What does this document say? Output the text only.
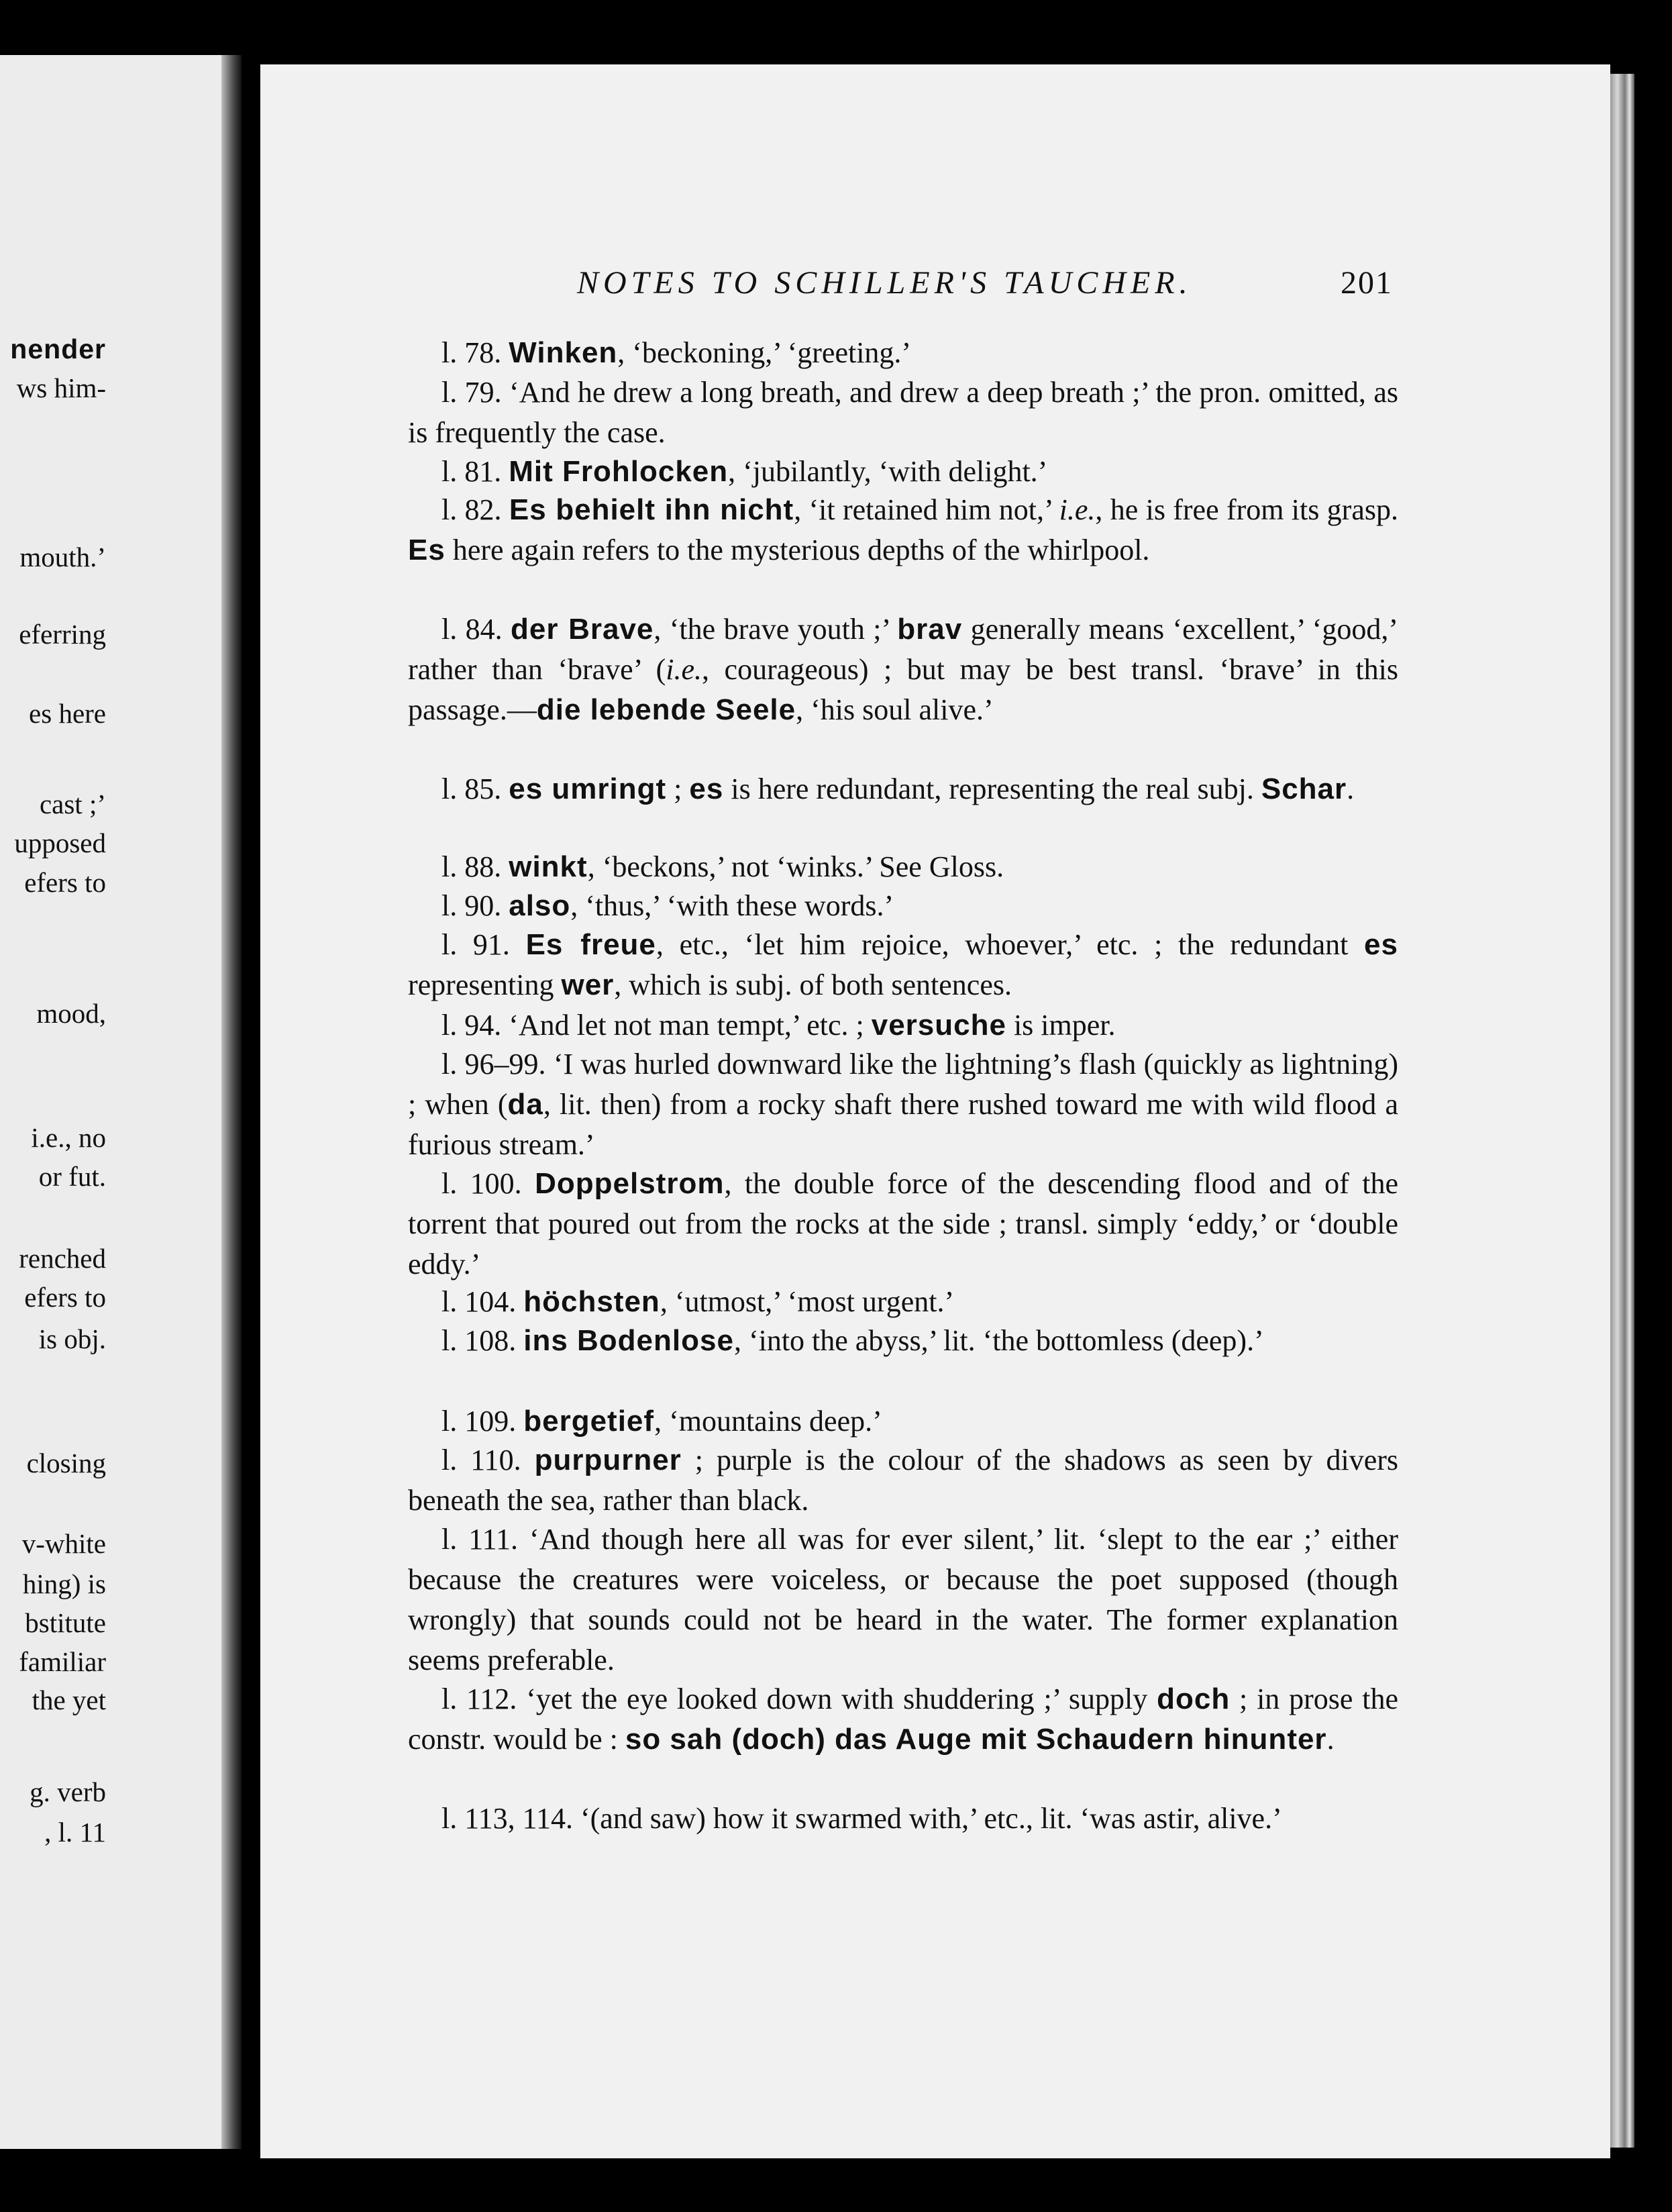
nender
ws him-
mouth.’
eferring
es here
cast ;’
upposed
efers to
mood,
i.e., no
or fut.
renched
efers to
is obj.
closing
v-white
hing) is
bstitute
familiar
the yet
g. verb
, l. 11
NOTES TO SCHILLER'S TAUCHER.	201
l. 78. Winken, ‘beckoning,’ ‘greeting.’
l. 79. ‘And he drew a long breath, and drew a deep breath ;’ the pron. omitted, as is frequently the case.
l. 81. Mit Frohlocken, ‘jubilantly, ‘with delight.’
l. 82. Es behielt ihn nicht, ‘it retained him not,’ i.e., he is free from its grasp. Es here again refers to the mysterious depths of the whirlpool.
l. 84. der Brave, ‘the brave youth ;’ brav generally means ‘excellent,’ ‘good,’ rather than ‘brave’ (i.e., courageous) ; but may be best transl. ‘brave’ in this passage.—die lebende Seele, ‘his soul alive.’
l. 85. es umringt ; es is here redundant, representing the real subj. Schar.
l. 88. winkt, ‘beckons,’ not ‘winks.’ See Gloss.
l. 90. also, ‘thus,’ ‘with these words.’
l. 91. Es freue, etc., ‘let him rejoice, whoever,’ etc. ; the redundant es representing wer, which is subj. of both sentences.
l. 94. ‘And let not man tempt,’ etc. ; versuche is imper.
l. 96–99. ‘I was hurled downward like the lightning’s flash (quickly as lightning) ; when (da, lit. then) from a rocky shaft there rushed toward me with wild flood a furious stream.’
l. 100. Doppelstrom, the double force of the descending flood and of the torrent that poured out from the rocks at the side ; transl. simply ‘eddy,’ or ‘double eddy.’
l. 104. höchsten, ‘utmost,’ ‘most urgent.’
l. 108. ins Bodenlose, ‘into the abyss,’ lit. ‘the bottomless (deep).’
l. 109. bergetief, ‘mountains deep.’
l. 110. purpurner ; purple is the colour of the shadows as seen by divers beneath the sea, rather than black.
l. 111. ‘And though here all was for ever silent,’ lit. ‘slept to the ear ;’ either because the creatures were voiceless, or because the poet supposed (though wrongly) that sounds could not be heard in the water. The former explanation seems preferable.
l. 112. ‘yet the eye looked down with shuddering ;’ supply doch ; in prose the constr. would be : so sah (doch) das Auge mit Schaudern hinunter.
l. 113, 114. ‘(and saw) how it swarmed with,’ etc., lit. ‘was astir, alive.’
